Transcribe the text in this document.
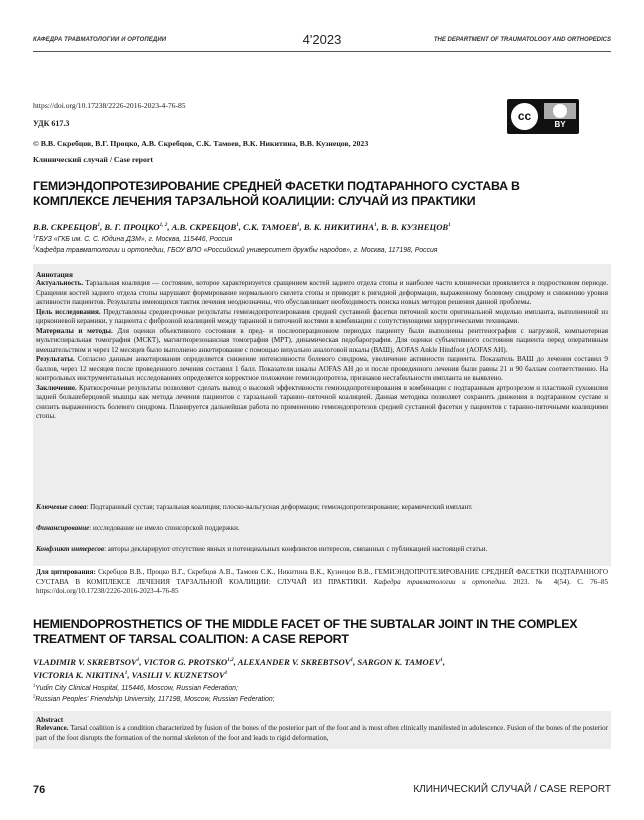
КАФЕДРА ТРАВМАТОЛОГИИ И ОРТОПЕДИИ	4'2023	THE DEPARTMENT OF TRAUMATOLOGY AND ORTHOPEDICS
https://doi.org/10.17238/2226-2016-2023-4-76-85
УДК 617.3
cc
BY
© В.В. Скребцов, В.Г. Процко, А.В. Скребцов, С.К. Тамоев, В.К. Никитина, В.В. Кузнецов, 2023
Клинический случай / Case report
ГЕМИЭНДОПРОТЕЗИРОВАНИЕ СРЕДНЕЙ ФАСЕТКИ ПОДТАРАННОГО СУСТАВА В
КОМПЛЕКСЕ ЛЕЧЕНИЯ ТАРЗАЛЬНОЙ КОАЛИЦИИ: СЛУЧАЙ ИЗ ПРАКТИКИ
В.В. СКРЕБЦОВ$^1$, В. Г. ПРОЦКО$^{1, 2}$, А.В. СКРЕБЦОВ$^1$, С.К. ТАМОЕВ$^1$, В. К. НИКИТИНА$^1$, В. В. КУЗНЕЦОВ$^1$
$^1$ГБУЗ «ГКБ им. С. С. Юдина ДЗМ», г. Москва, 115446, Россия
$^2$Кафедра травматологии и ортопедии, ГБОУ ВПО «Российский университет дружбы народов», г. Москва, 117198, Россия
Аннотация

Актуальность. Тарзальная коалиция — состояние, которое характеризуется сращением костей заднего отдела стопы и наиболее часто клинически проявляется в подростковом периоде. Сращения костей заднего отдела стопы нарушают формирование нормального скелета стопы и приводят к ригидной деформации, выраженному болевому синдрому и снижению уровня активности пациентов. Результаты имеющихся тактик лечения неоднозначны, что обуславливает необходимость поиска новых методов решения данной проблемы.

Цель исследования. Представлены среднесрочные результаты гемиэндопротезирования средней суставной фасетки пяточной кости оригинальной моделью импланта, выполненной из циркониевой керамики, у пациента с фиброзной коалицией между таранной и пяточной костями в комбинации с сопутствующими хирургическими техниками.

Материалы и методы. Для оценки объективного состояния в пред- и послеоперационном периодах пациенту были выполнены рентгенография с нагрузкой, компьютерная мультиспиральная томография (МСКТ), магнитнорезонансная томография (МРТ), динамическая педобарография. Для оценки субъективного состояния пациента перед оперативным вмешательством и через 12 месяцев было выполнено анкетирование с помощью визуально аналоговой шкалы (ВАШ), AOFAS Ankle Hindfoot (AOFAS AH).

Результаты. Согласно данным анкетирования определяется снижение интенсивности болевого синдрома, увеличение активности пациента. Показатель ВАШ до лечения составил 9 баллов, через 12 месяцев после проведенного лечения составил 1 балл. Показатели шкалы AOFAS AH до и после проведенного лечения были равны 21 и 90 баллам соответственно. На контрольных инструментальных исследованиях определяется корректное положение гемиэндопротеза, признаков нестабильности импланта не выявлено.

Заключение. Краткосрочные результаты позволяют сделать вывод о высокой эффективности гемиэндопротезирования в комбинации с подтаранным артроэрезом и пластикой сухожилия задней большеберцовой мышцы как метода лечения пациентов с тарзальной таранно–пяточной коалицией. Данная методика позволяет сохранить движения в подтаранном суставе и снизить выраженность болевого синдрома. Планируется дальнейшая работа по применению гемиэндопротезов средней суставной фасетки у пациентов с таранно-пяточными коалициями стопы.

Ключевые слова: Подтаранный сустав; тарзальная коалиция; плоско-вальгусная деформация; гемиэндопротезирование; керамический имплант.
Финансирование: исследование не имело спонсорской поддержки.
Конфликт интересов: авторы декларируют отсутствие явных и потенциальных конфликтов интересов, связанных с публикацией настоящей статьи.
Для цитирования: Скребцов В.В., Процко В.Г., Скребцов А.В., Тамоев С.К., Никитина В.К., Кузнецов В.В., ГЕМИЭНДОПРОТЕЗИРОВАНИЕ СРЕДНЕЙ ФАСЕТКИ ПОДТАРАННОГО СУСТАВА В КОМПЛЕКСЕ ЛЕЧЕНИЯ ТАРЗАЛЬНОЙ КОАЛИЦИИ: СЛУЧАЙ ИЗ ПРАКТИКИ. Кафедра травматологии и ортопедии. 2023. № 4(54). С. 76–85 https://doi.org/10.17238/2226-2016-2023-4-76-85
HEMIENDOPROSTHETICS OF THE MIDDLE FACET OF THE SUBTALAR JOINT IN THE COMPLEX
TREATMENT OF TARSAL COALITION: A CASE REPORT
VLADIMIR V. SKREBTSOV$^1$, VICTOR G. PROTSKO$^{1,2}$, ALEXANDER V. SKREBTSOV$^1$, SARGON K. TAMOEV$^1$,
VICTORIA K. NIKITINA$^1$, VASILII V. KUZNETSOV$^1$
$^1$Yudin City Clinical Hospital, 115446, Moscow, Russian Federation;
$^2$Russian Peoples' Friendship University, 117198, Moscow, Russian Federation;
Abstract

Relevance. Tarsal coalition is a condition characterized by fusion of the bones of the posterior part of the foot and is most often clinically manifested in adolescence. Fusion of the bones of the posterior part of the foot disrupts the formation of the normal skeleton of the foot and leads to rigid deformation,

76	КЛИНИЧЕСКИЙ СЛУЧАЙ / CASE REPORT
